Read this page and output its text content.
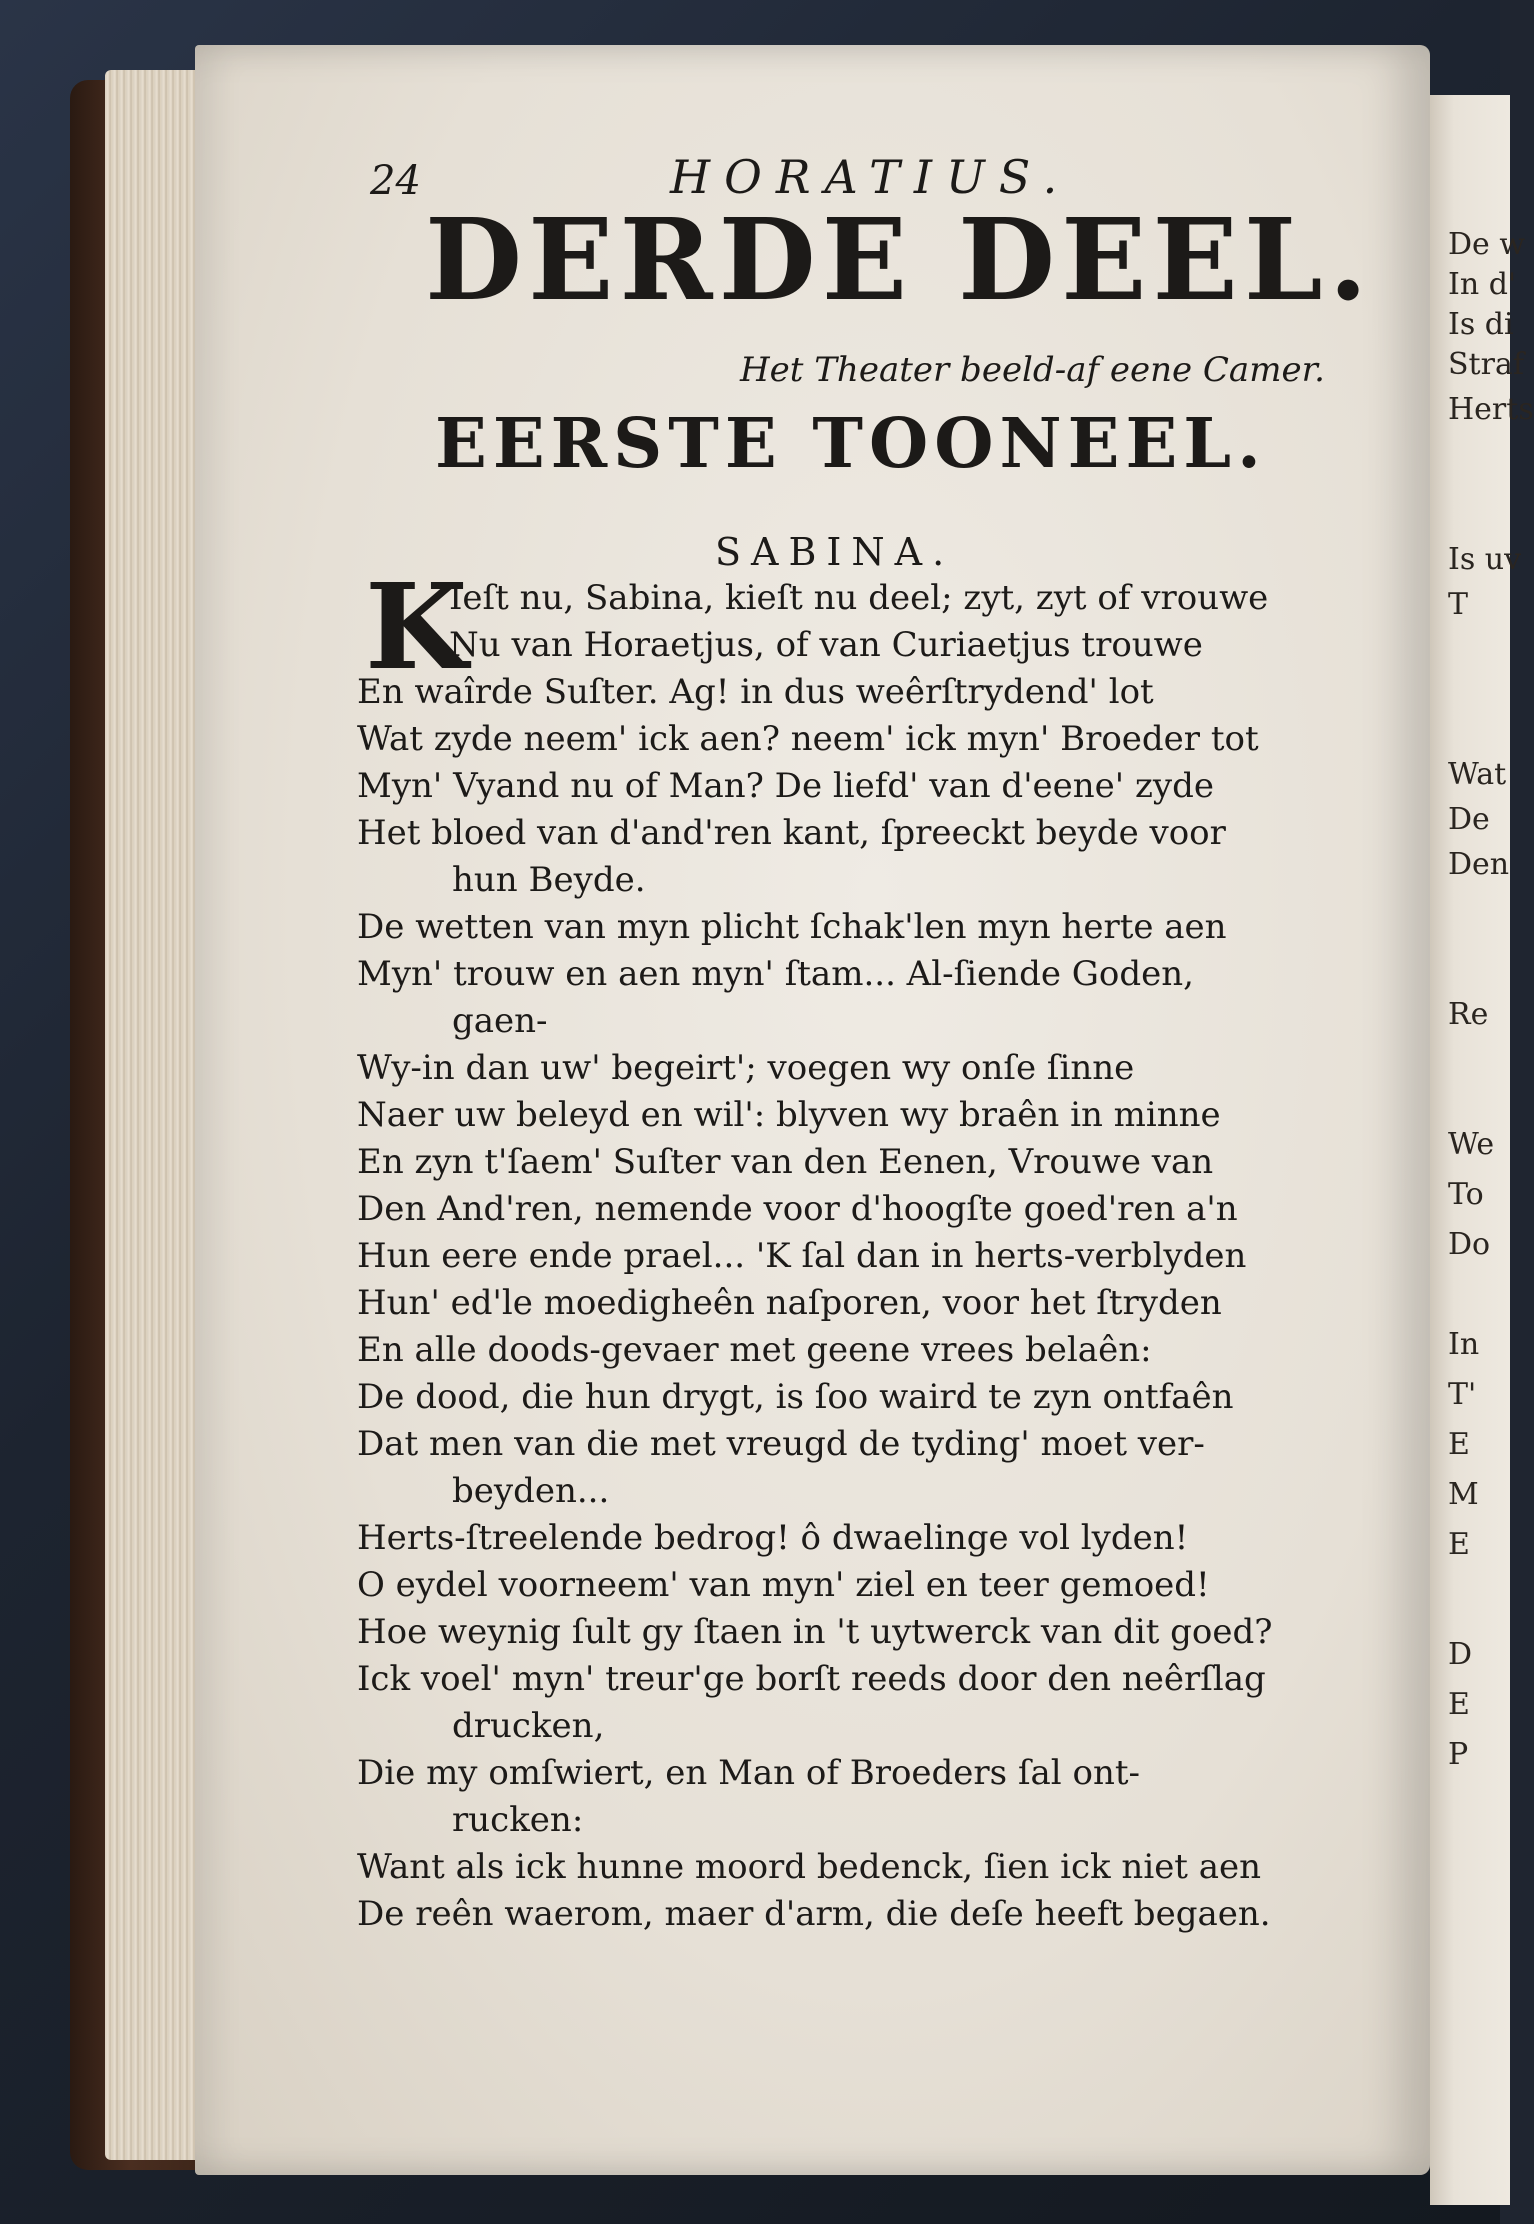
De w
In d'
Is di
Straf
Herts
Is uv
T
Wat
De
Den
Re
We
To
Do
In
T'
E
M
E
D
E
P
24	HORATIUS.
DERDE DEEL.
Het Theater beeld-af eene Camer.
EERSTE TOONEEL.
SABINA.
K
Ieſt nu, Sabina, kieſt nu deel; zyt, zyt of vrouwe
Nu van Horaetjus, of van Curiaetjus trouwe
En waîrde Suſter. Ag! in dus weêrſtrydend' lot
Wat zyde neem' ick aen? neem' ick myn' Broeder tot
Myn' Vyand nu of Man? De liefd' van d'eene' zyde
Het bloed van d'and'ren kant, ſpreeckt beyde voor
hun Beyde.
De wetten van myn plicht ſchak'len myn herte aen
Myn' trouw en aen myn' ſtam... Al-ſiende Goden,
gaen-
Wy-in dan uw' begeirt'; voegen wy onſe ſinne
Naer uw beleyd en wil': blyven wy braên in minne
En zyn t'ſaem' Suſter van den Eenen, Vrouwe van
Den And'ren, nemende voor d'hoogſte goed'ren a'n
Hun eere ende prael... 'K ſal dan in herts-verblyden
Hun' ed'le moedigheên naſporen, voor het ſtryden
En alle doods-gevaer met geene vrees belaên:
De dood, die hun drygt, is ſoo waird te zyn ontfaên
Dat men van die met vreugd de tyding' moet ver-
beyden...
Herts-ſtreelende bedrog! ô dwaelinge vol lyden!
O eydel voorneem' van myn' ziel en teer gemoed!
Hoe weynig ſult gy ſtaen in 't uytwerck van dit goed?
Ick voel' myn' treur'ge borſt reeds door den neêrſlag
drucken,
Die my omſwiert, en Man of Broeders ſal ont-
rucken:
Want als ick hunne moord bedenck, ſien ick niet aen
De reên waerom, maer d'arm, die deſe heeft begaen.
